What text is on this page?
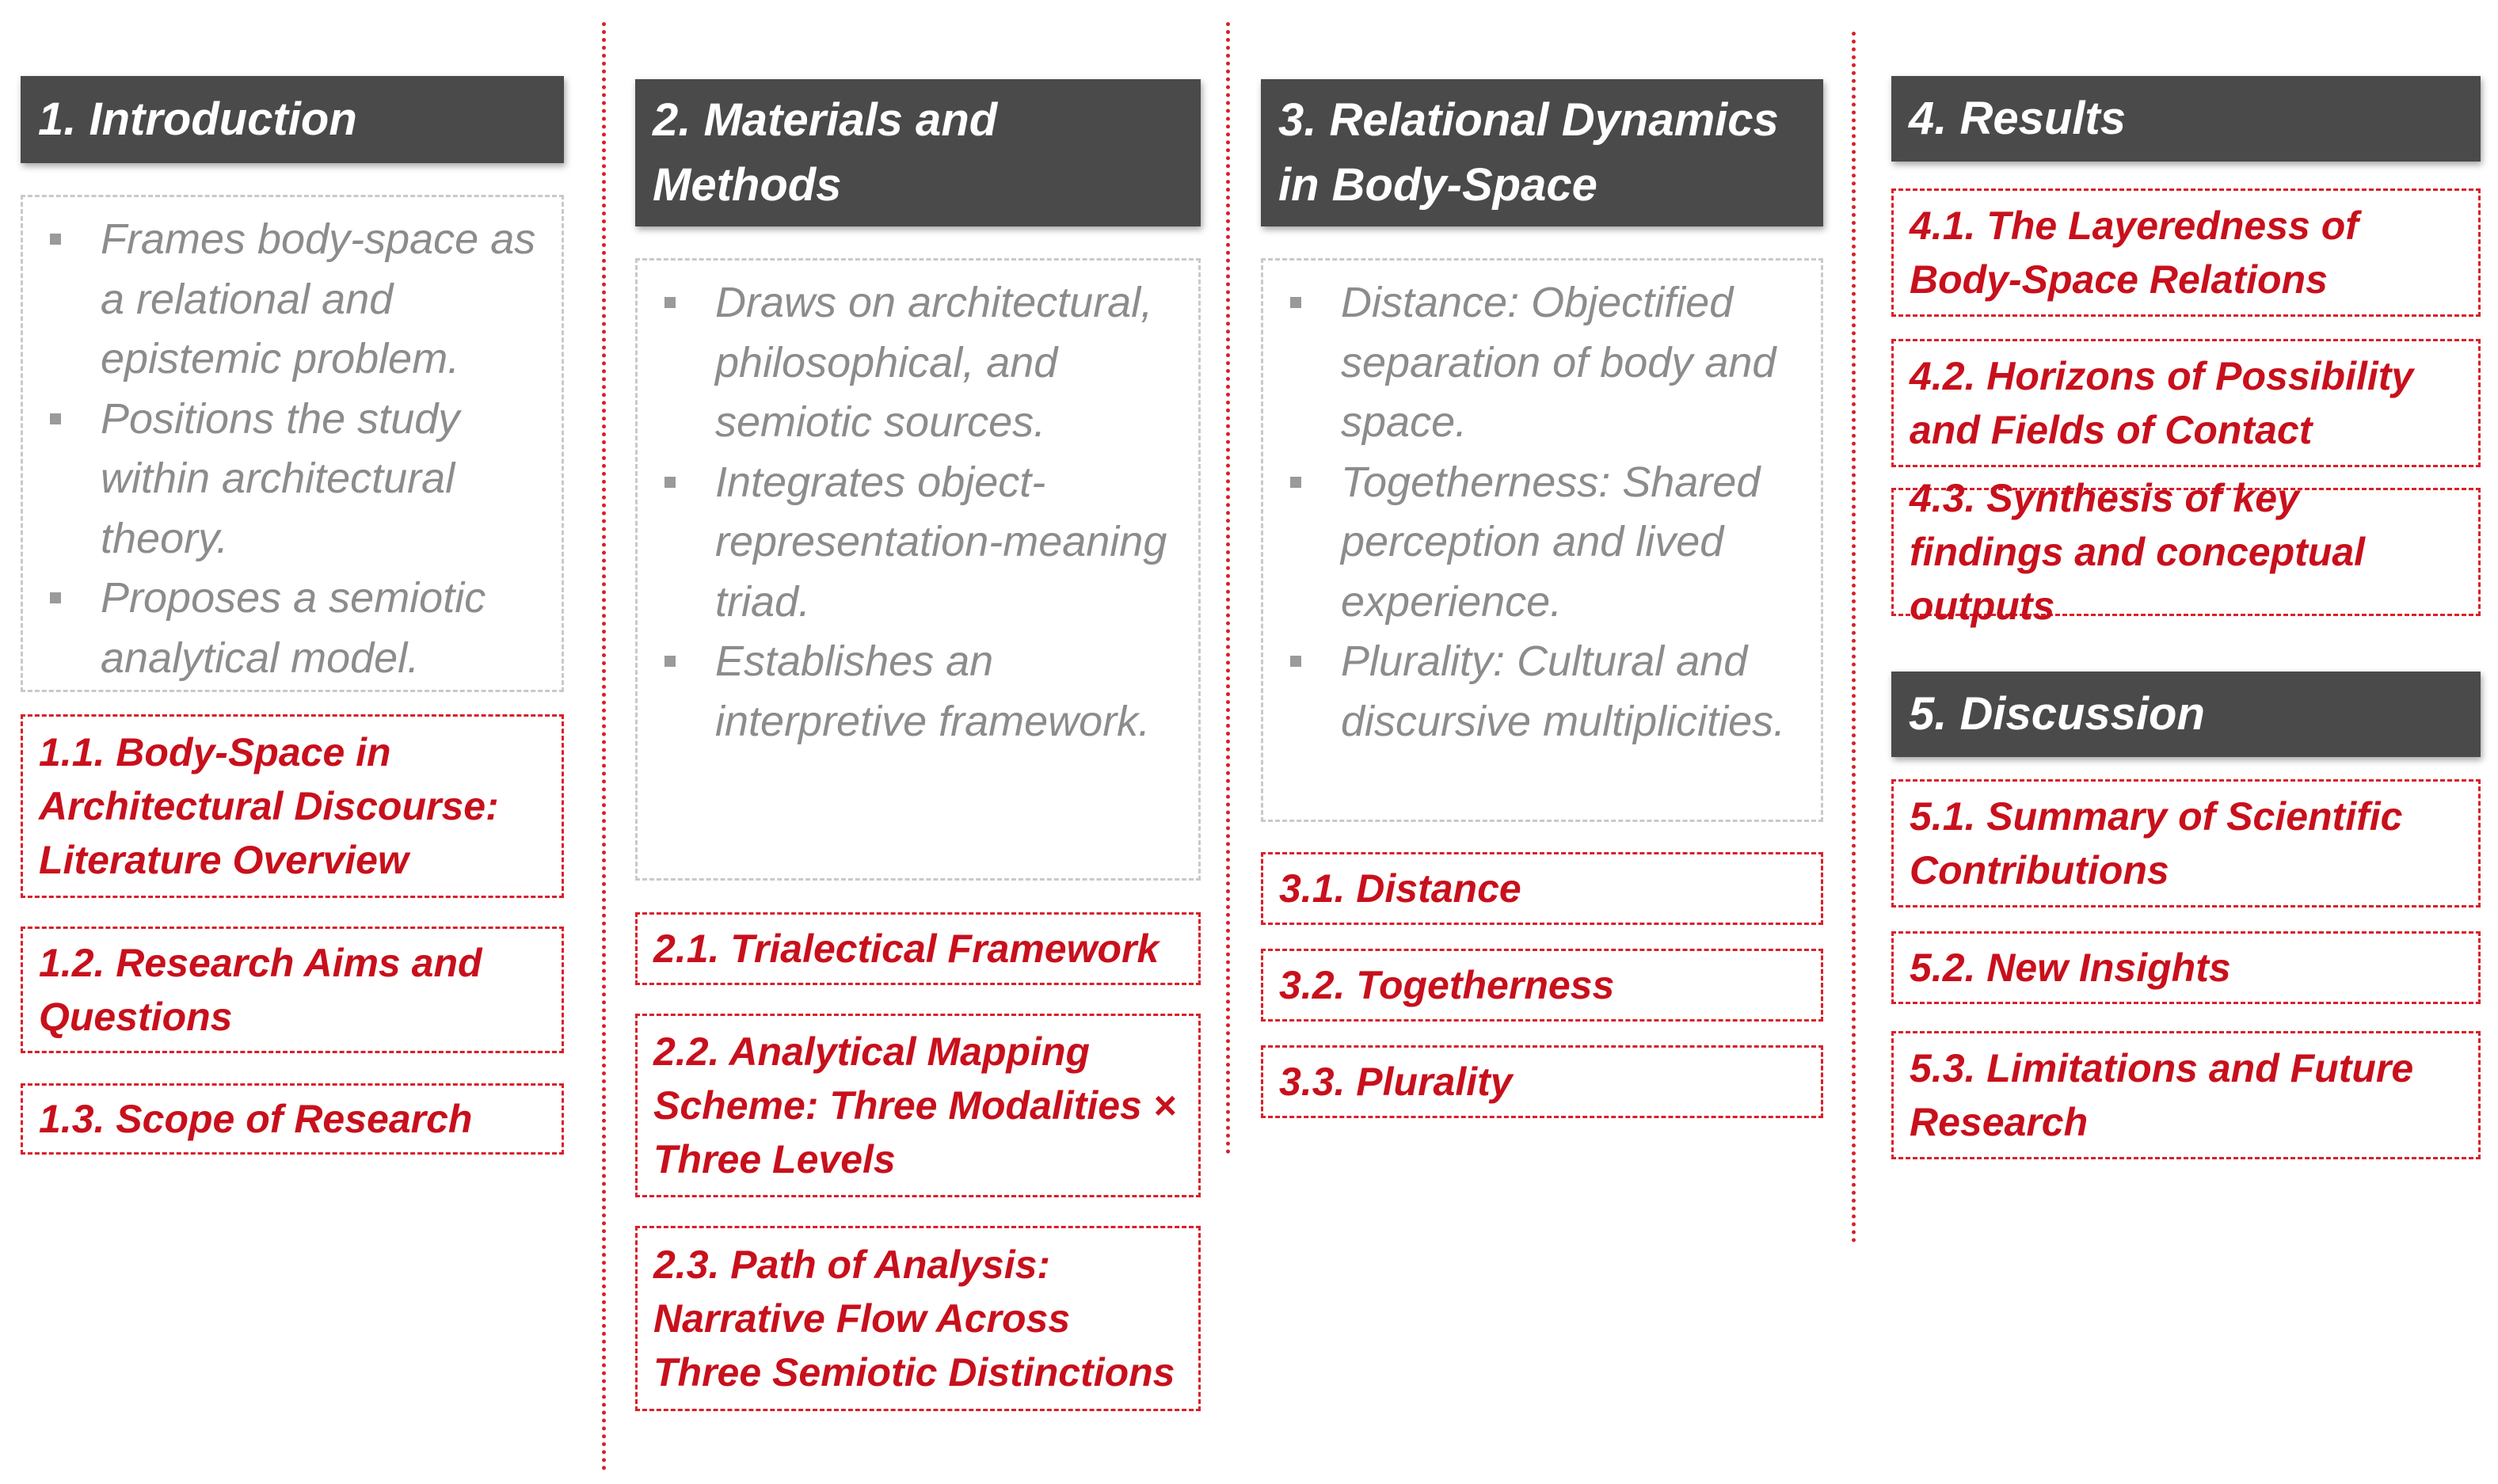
1. Introduction
Frames body-space as a relational and epistemic problem.
Positions the study within architectural theory.
Proposes a semiotic analytical model.
1.1. Body-Space in Architectural Discourse: Literature Overview
1.2. Research Aims and Questions
1.3. Scope of Research
2. Materials and Methods
Draws on architectural, philosophical, and semiotic sources.
Integrates object-representation-meaning triad.
Establishes an interpretive framework.
2.1. Trialectical Framework
2.2. Analytical Mapping Scheme: Three Modalities × Three Levels
2.3. Path of Analysis: Narrative Flow Across Three Semiotic Distinctions
3. Relational Dynamics in Body-Space
Distance: Objectified separation of body and space.
Togetherness: Shared perception and lived experience.
Plurality: Cultural and discursive multiplicities.
3.1. Distance
3.2. Togetherness
3.3. Plurality
4. Results
4.1. The Layeredness of Body-Space Relations
4.2. Horizons of Possibility and Fields of Contact
4.3. Synthesis of key findings and conceptual outputs
5. Discussion
5.1. Summary of Scientific Contributions
5.2. New Insights
5.3. Limitations and Future Research
